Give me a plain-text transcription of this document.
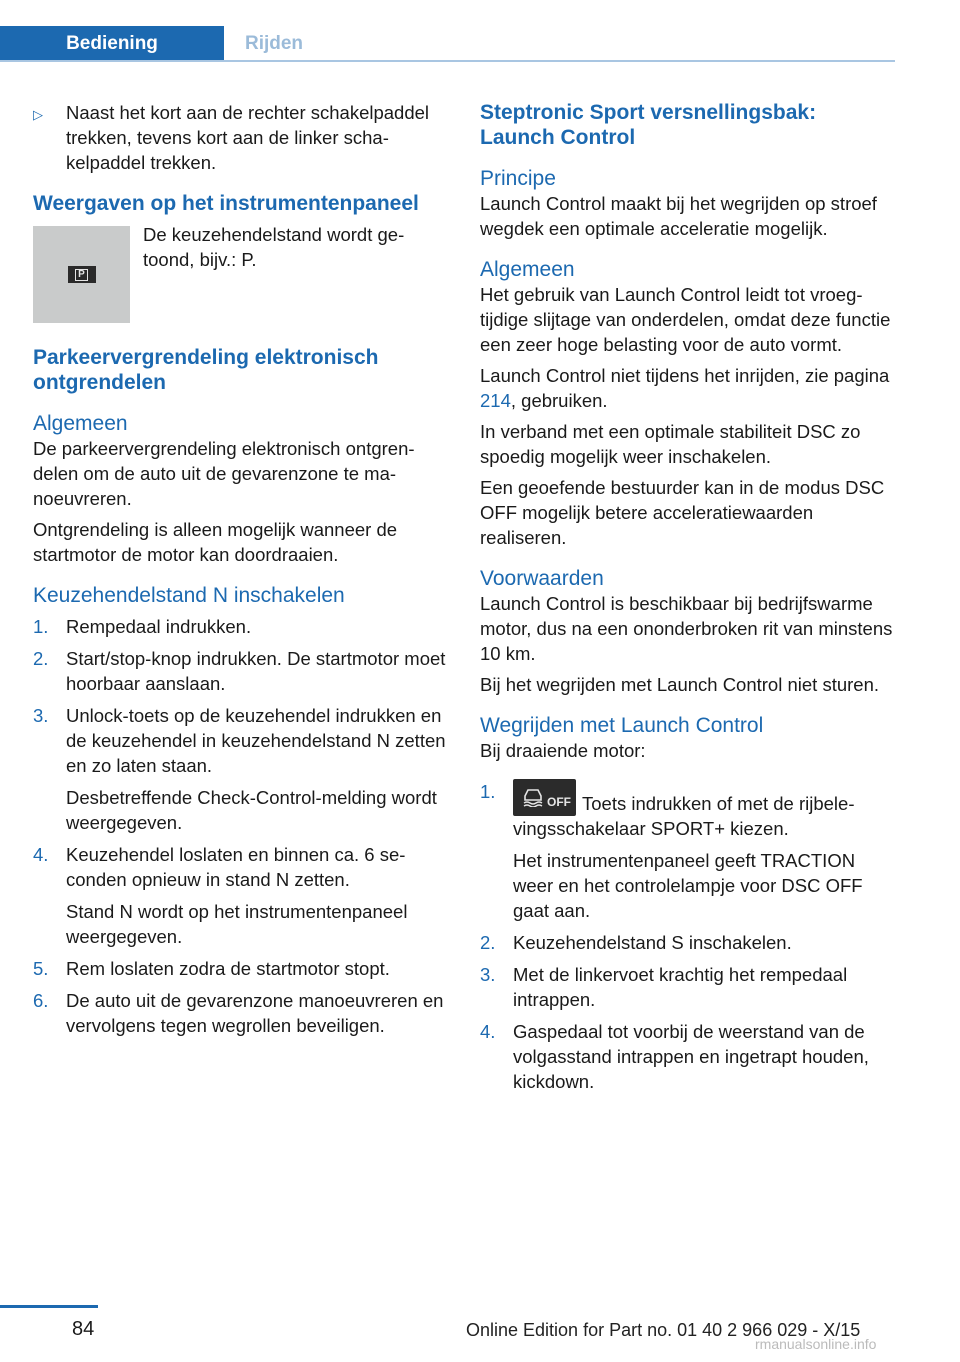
Bediening	Rijden
▷	Naast het kort aan de rechter schakelpaddel trekken, tevens kort aan de linker schakelpaddel trekken.
Weergaven op het instrumentenpaneel
P
De keuzehendelstand wordt getoond, bijv.: P.
Parkeervergrendeling elektronisch ontgrendelen
Algemeen
De parkeervergrendeling elektronisch ontgrendelen om de auto uit de gevarenzone te manoeuvreren.
Ontgrendeling is alleen mogelijk wanneer de startmotor de motor kan doordraaien.
Keuzehendelstand N inschakelen
1. Rempedaal indrukken.
2. Start/stop-knop indrukken. De startmotor moet hoorbaar aanslaan.
3. Unlock-toets op de keuzehendel indrukken en de keuzehendel in keuzehendelstand N zetten en zo laten staan.
Desbetreffende Check-Control-melding wordt weergegeven.
4. Keuzehendel loslaten en binnen ca. 6 seconden opnieuw in stand N zetten.
Stand N wordt op het instrumentenpaneel weergegeven.
5. Rem loslaten zodra de startmotor stopt.
6. De auto uit de gevarenzone manoeuvreren en vervolgens tegen wegrollen beveiligen.
Steptronic Sport versnellingsbak: Launch Control
Principe
Launch Control maakt bij het wegrijden op stroef wegdek een optimale acceleratie mogelijk.
Algemeen
Het gebruik van Launch Control leidt tot vroegtijdige slijtage van onderdelen, omdat deze functie een zeer hoge belasting voor de auto vormt.
Launch Control niet tijdens het inrijden, zie pagina 214, gebruiken.
In verband met een optimale stabiliteit DSC zo spoedig mogelijk weer inschakelen.
Een geoefende bestuurder kan in de modus DSC OFF mogelijk betere acceleratiewaarden realiseren.
Voorwaarden
Launch Control is beschikbaar bij bedrijfswarme motor, dus na een ononderbroken rit van minstens 10 km.
Bij het wegrijden met Launch Control niet sturen.
Wegrijden met Launch Control
Bij draaiende motor:
1.	OFF Toets indrukken of met de rijbelevingsschakelaar SPORT+ kiezen.
Het instrumentenpaneel geeft TRACTION weer en het controlelampje voor DSC OFF gaat aan.
2. Keuzehendelstand S inschakelen.
3. Met de linkervoet krachtig het rempedaal intrappen.
4. Gaspedaal tot voorbij de weerstand van de volgasstand intrappen en ingetrapt houden, kickdown.
84	Online Edition for Part no. 01 40 2 966 029 - X/15
rmanualsonline.info
